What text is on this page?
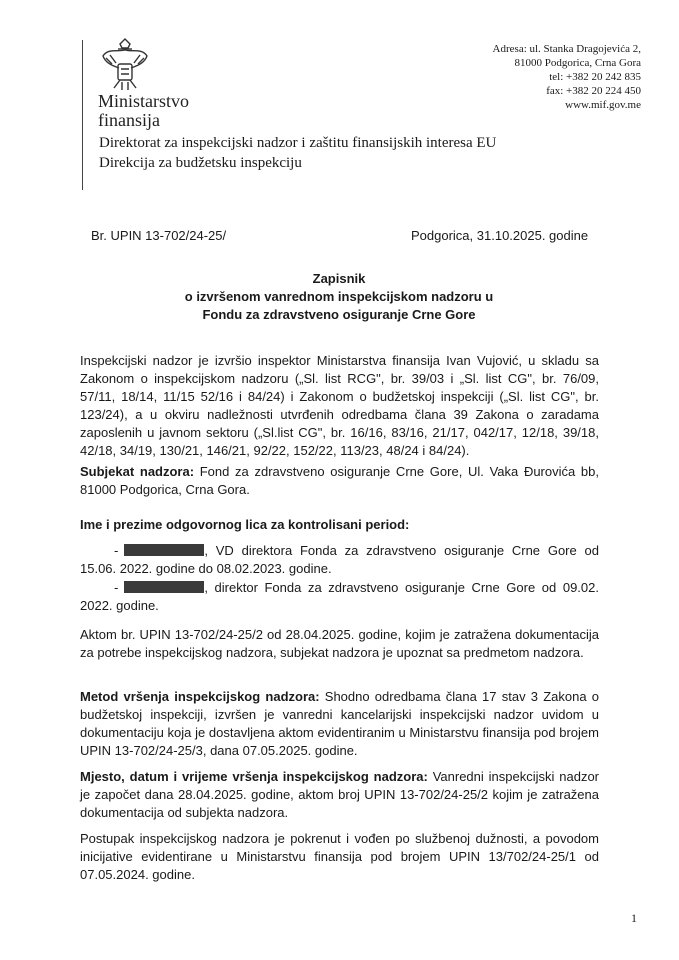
Ministarstvo
finansija
Direktorat za inspekcijski nadzor i zaštitu finansijskih interesa EU
Direkcija za budžetsku inspekciju
Adresa: ul. Stanka Dragojevića 2,
81000 Podgorica, Crna Gora
tel: +382 20 242 835
fax: +382 20 224 450
www.mif.gov.me
Br. UPIN 13-702/24-25/	Podgorica, 31.10.2025. godine
Zapisnik
o izvršenom vanrednom inspekcijskom nadzoru u
Fondu za zdravstveno osiguranje Crne Gore
Inspekcijski nadzor je izvršio inspektor Ministarstva finansija Ivan Vujović, u skladu sa Zakonom o inspekcijskom nadzoru („Sl. list RCG", br. 39/03 i „Sl. list CG", br. 76/09, 57/11, 18/14, 11/15 52/16 i 84/24) i Zakonom o budžetskoj inspekciji („Sl. list CG", br. 123/24), a u okviru nadležnosti utvrđenih odredbama člana 39 Zakona o zaradama zaposlenih u javnom sektoru („Sl.list CG", br. 16/16, 83/16, 21/17, 042/17, 12/18, 39/18, 42/18, 34/19, 130/21, 146/21, 92/22, 152/22, 113/23, 48/24 i 84/24).
Subjekat nadzora: Fond za zdravstveno osiguranje Crne Gore, Ul. Vaka Đurovića bb, 81000 Podgorica, Crna Gora.
Ime i prezime odgovornog lica za kontrolisani period:
-	, VD direktora Fonda za zdravstveno osiguranje Crne Gore od 15.06. 2022. godine do 08.02.2023. godine.
-	, direktor Fonda za zdravstveno osiguranje Crne Gore od 09.02. 2022. godine.
Aktom br. UPIN 13-702/24-25/2 od 28.04.2025. godine, kojim je zatražena dokumentacija za potrebe inspekcijskog nadzora, subjekat nadzora je upoznat sa predmetom nadzora.
Metod vršenja inspekcijskog nadzora: Shodno odredbama člana 17 stav 3 Zakona o budžetskoj inspekciji, izvršen je vanredni kancelarijski inspekcijski nadzor uvidom u dokumentaciju koja je dostavljena aktom evidentiranim u Ministarstvu finansija pod brojem UPIN 13-702/24-25/3, dana 07.05.2025. godine.
Mjesto, datum i vrijeme vršenja inspekcijskog nadzora: Vanredni inspekcijski nadzor je započet dana 28.04.2025. godine, aktom broj UPIN 13-702/24-25/2 kojim je zatražena dokumentacija od subjekta nadzora.
Postupak inspekcijskog nadzora je pokrenut i vođen po službenoj dužnosti, a povodom inicijative evidentirane u Ministarstvu finansija pod brojem UPIN 13/702/24-25/1 od 07.05.2024. godine.
1
